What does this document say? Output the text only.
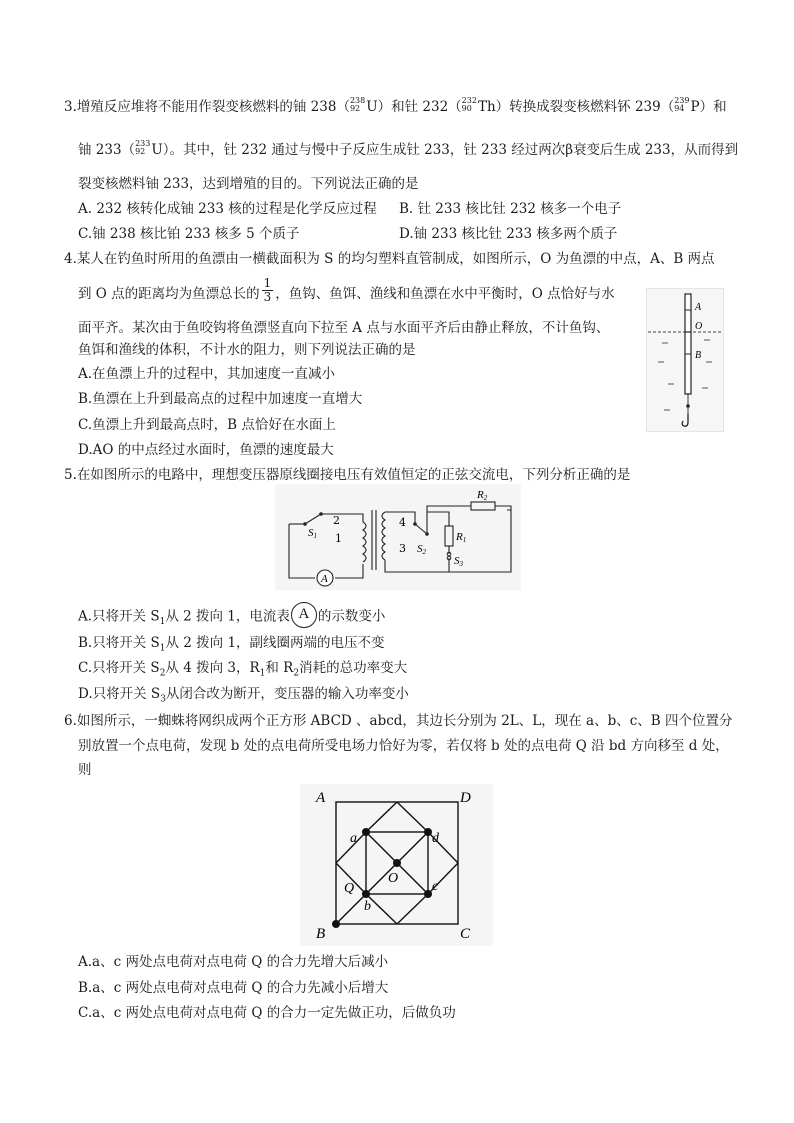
3.增殖反应堆将不能用作裂变核燃料的铀 238（ 238
92 U）和钍 232（ 232
90 Th）转换成裂变核燃料钚 239（ 239
94 P）和
铀 233（ 233
92 U）。其中，钍 232 通过与慢中子反应生成钍 233，钍 233 经过两次β衰变后生成 233，从而得到
裂变核燃料铀 233，达到增殖的目的。下列说法正确的是
A. 232 核转化成铀 233 核的过程是化学反应过程 B. 钍 233 核比钍 232 核多一个电子
C.铀 238 核比铂 233 核多 5 个质子	D.铀 233 核比钍 233 核多两个质子
4.某人在钓鱼时所用的鱼漂由一横截面积为 S 的均匀塑料直管制成，如图所示，O 为鱼漂的中点，A、B 两点
到 O 点的距离均为鱼漂总长的 $\frac{1}{3}$ ，鱼钩、鱼饵、渔线和鱼漂在水中平衡时，O 点恰好与水
面平齐。某次由于鱼咬钩将鱼漂竖直向下拉至 A 点与水面平齐后由静止释放，不计鱼钩、
鱼饵和渔线的体积，不计水的阻力，则下列说法正确的是
A.在鱼漂上升的过程中，其加速度一直减小
B.鱼漂在上升到最高点的过程中加速度一直增大
C.鱼漂上升到最高点时，B 点恰好在水面上
D.AO 的中点经过水面时，鱼漂的速度最大
A
O
B
5.在如图所示的电路中，理想变压器原线圈接电压有效值恒定的正弦交流电，下列分析正确的是
A
S1
2
1
4
3 S2
R1
R2
S3
A.只将开关 $S_1$从 2 拨向 1，电流表 A 的示数变小
B.只将开关 $S_1$从 2 拨向 1，副线圈两端的电压不变
C.只将开关 $S_2$从 4 拨向 3，$R_1$和 $R_2$消耗的总功率变大
D.只将开关 $S_3$从闭合改为断开，变压器的输入功率变小
6.如图所示，一蜘蛛将网织成两个正方形 ABCD 、abcd，其边长分别为 2L、L，现在 a、b、c、B 四个位置分
别放置一个点电荷，发现 b 处的点电荷所受电场力恰好为零，若仅将 b 处的点电荷 Q 沿 bd 方向移至 d 处，
则
A	D
B	C
a	d
c
b
O
Q
A.a、c 两处点电荷对点电荷 Q 的合力先增大后减小
B.a、c 两处点电荷对点电荷 Q 的合力先减小后增大
C.a、c 两处点电荷对点电荷 Q 的合力一定先做正功，后做负功
